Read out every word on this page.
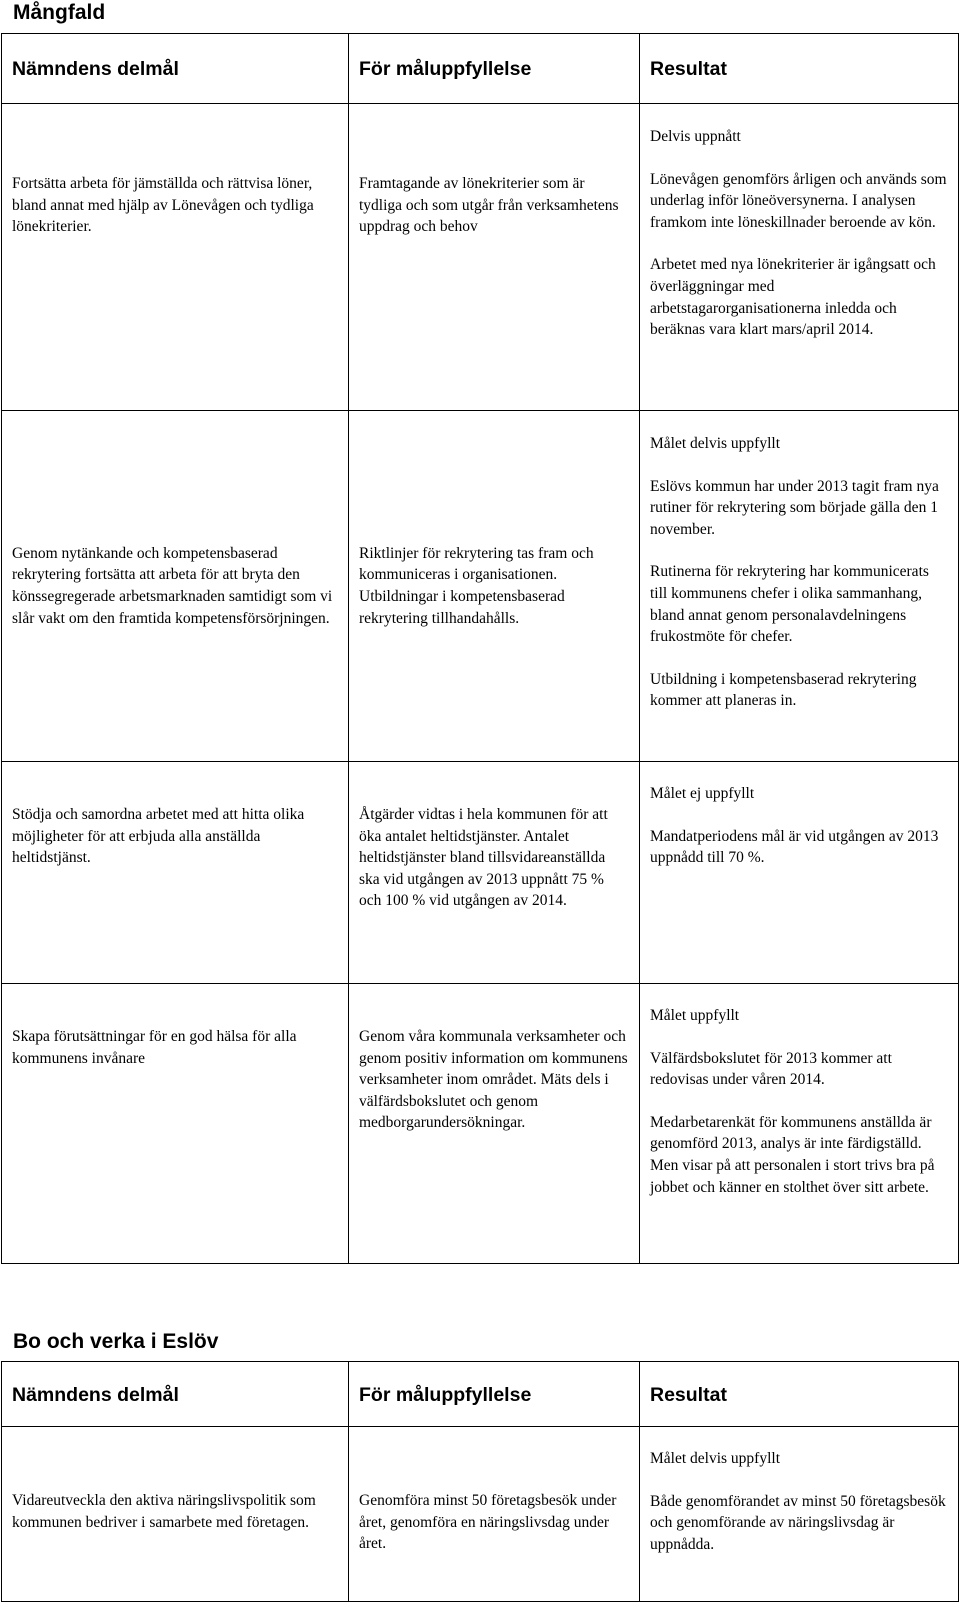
Mångfald
Nämndens delmål	För måluppfyllelse	Resultat

Fortsätta arbeta för jämställda och rättvisa löner, bland annat med hjälp av Lönevågen och tydliga lönekriterier.	Framtagande av lönekriterier som är tydliga och som utgår från verksamhetens uppdrag och behov	Delvis uppnått

Lönevågen genomförs årligen och används som underlag inför löneöversynerna. I analysen framkom inte löneskillnader beroende av kön.

Arbetet med nya lönekriterier är igångsatt och överläggningar med arbetstagarorganisationerna inledda och beräknas vara klart mars/april 2014.

Genom nytänkande och kompetensbaserad rekrytering fortsätta att arbeta för att bryta den könssegregerade arbetsmarknaden samtidigt som vi slår vakt om den framtida kompetensförsörjningen.	Riktlinjer för rekrytering tas fram och kommuniceras i organisationen. Utbildningar i kompetensbaserad rekrytering tillhandahålls.	Målet delvis uppfyllt

Eslövs kommun har under 2013 tagit fram nya rutiner för rekrytering som började gälla den 1 november.

Rutinerna för rekrytering har kommunicerats till kommunens chefer i olika sammanhang, bland annat genom personalavdelningens frukostmöte för chefer.

Utbildning i kompetensbaserad rekrytering kommer att planeras in.

Stödja och samordna arbetet med att hitta olika möjligheter för att erbjuda alla anställda heltidstjänst.	Åtgärder vidtas i hela kommunen för att öka antalet heltidstjänster. Antalet heltidstjänster bland tillsvidareanställda ska vid utgången av 2013 uppnått 75 % och 100 % vid utgången av 2014.	Målet ej uppfyllt

Mandatperiodens mål är vid utgången av 2013 uppnådd till 70 %.

Skapa förutsättningar för en god hälsa för alla kommunens invånare	Genom våra kommunala verksamheter och genom positiv information om kommunens verksamheter inom området. Mäts dels i välfärdsbokslutet och genom medborgarundersökningar.	Målet uppfyllt

Välfärdsbokslutet för 2013 kommer att redovisas under våren 2014.

Medarbetarenkät för kommunens anställda är genomförd 2013, analys är inte färdigställd. Men visar på att personalen i stort trivs bra på jobbet och känner en stolthet över sitt arbete.

Bo och verka i Eslöv
Nämndens delmål	För måluppfyllelse	Resultat

Vidareutveckla den aktiva näringslivspolitik som kommunen bedriver i samarbete med företagen.	Genomföra minst 50 företagsbesök under året, genomföra en näringslivsdag under året.	Målet delvis uppfyllt

Både genomförandet av minst 50 företagsbesök och genomförande av näringslivsdag är uppnådda.
